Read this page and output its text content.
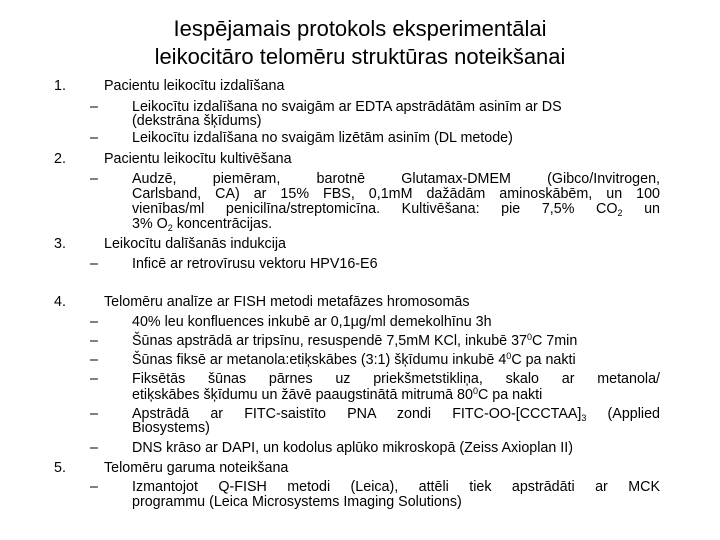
Iespējamais protokols eksperimentālai
leikocitāro telomēru struktūras noteikšanai
1.	Pacientu leikocītu izdalīšana
– Leikocītu izdalīšana no svaigām ar EDTA apstrādātām asinīm ar DS
(dekstrāna šķīdums)
– Leikocītu izdalīšana no svaigām lizētām asinīm (DL metode)
2.	Pacientu leikocītu kultivēšana
– Audzē, piemēram, barotnē Glutamax-DMEM (Gibco/Invitrogen,
Carlsband, CA) ar 15% FBS, 0,1mM dažādām aminoskābēm, un 100
vienības/ml penicilīna/streptomicīna. Kultivēšana: pie 7,5% $CO_2$ un
3% $O_2$ koncentrācijas.
3.	Leikocītu dalīšanās indukcija
– Inficē ar retrovīrusu vektoru HPV16-E6
4.	Telomēru analīze ar FISH metodi metafāzes hromosomās
– 40% leu konfluences inkubē ar 0,1μg/ml demekolhīnu 3h
– Šūnas apstrādā ar tripsīnu, resuspendē 7,5mM KCl, inkubē $37^0C$ 7min
– Šūnas fiksē ar metanola:etiķskābes (3:1) šķīdumu inkubē $4^0C$ pa nakti
– Fiksētās šūnas pārnes uz priekšmetstikliņa, skalo ar metanola/
etiķskābes šķīdumu un žāvē paaugstinātā mitrumā $80^0C$ pa nakti
– Apstrādā ar FITC-saistīto PNA zondi FITC-$OO-[CCCTAA]_3$ (Applied
Biosystems)
– DNS krāso ar DAPI, un kodolus aplūko mikroskopā (Zeiss Axioplan II)
5.	Telomēru garuma noteikšana
– Izmantojot Q-FISH metodi (Leica), attēli tiek apstrādāti ar MCK
programmu (Leica Microsystems Imaging Solutions)
